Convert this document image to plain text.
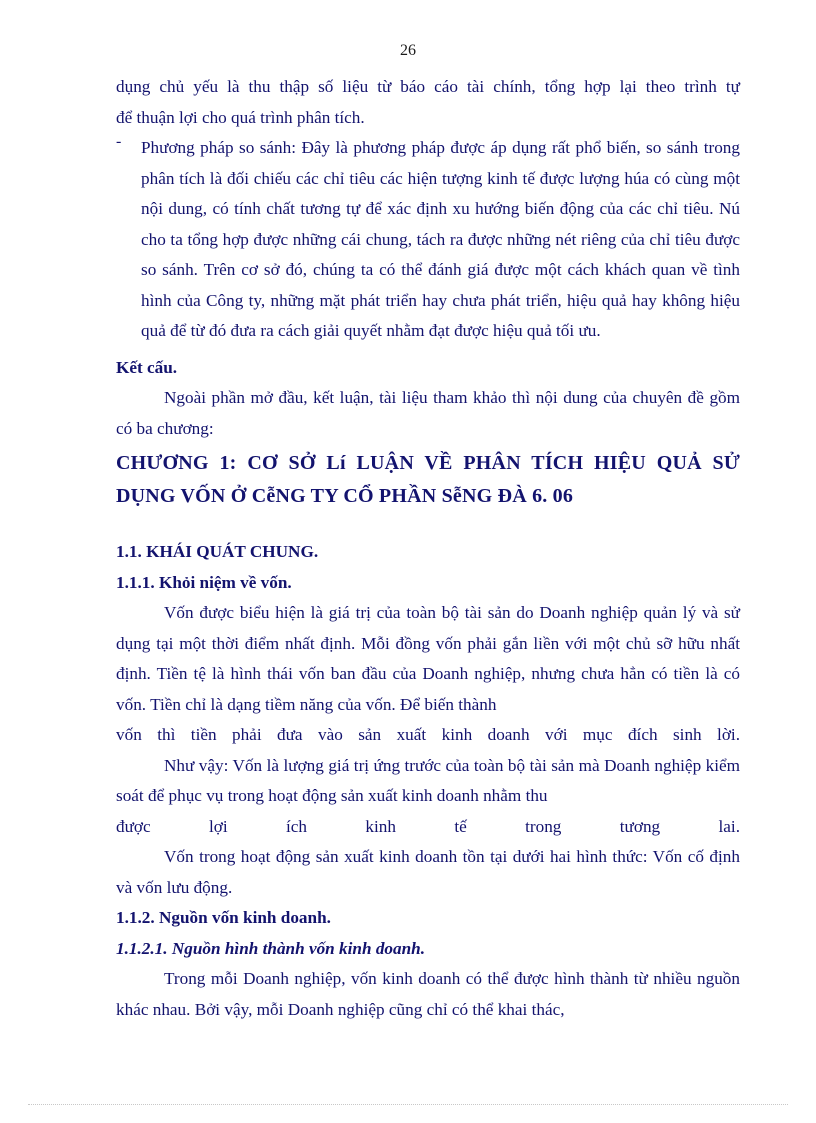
26

dụng chủ yếu là thu thập số liệu từ báo cáo tài chính, tổng hợp lại theo trình tự

để thuận lợi cho quá trình phân tích.

- Phương pháp so sánh: Đây là phương pháp được áp dụng rất phổ biến, so sánh trong phân tích là đối chiếu các chỉ tiêu các hiện tượng kinh tế được lượng húa có cùng một nội dung, có tính chất tương tự để xác định xu hướng biến động của các chỉ tiêu. Nú cho ta tổng hợp được những cái chung, tách ra được những nét riêng của chỉ tiêu được so sánh. Trên cơ sở đó, chúng ta có thể đánh giá được một cách khách quan về tình hình của Công ty, những mặt phát triển hay chưa phát triển, hiệu quả hay không hiệu quả để từ đó đưa ra cách giải quyết nhằm đạt được hiệu quả tối ưu.

Kết cấu.

Ngoài phần mở đầu, kết luận, tài liệu tham khảo thì nội dung của chuyên đề gồm có ba chương:

CHƯƠNG 1: CƠ SỞ Lí LUẬN VỀ PHÂN TÍCH HIỆU QUẢ SỬ DỤNG VỐN Ở CễNG TY CỔ PHẦN SễNG ĐÀ 6. 06

1.1. KHÁI QUÁT CHUNG.

1.1.1. Khỏi niệm về vốn.

Vốn được biểu hiện là giá trị của toàn bộ tài sản do Doanh nghiệp quản lý và sử dụng tại một thời điểm nhất định. Mỗi đồng vốn phải gắn liền với một chủ sỡ hữu nhất định. Tiền tệ là hình thái vốn ban đầu của Doanh nghiệp, nhưng chưa hẳn có tiền là có vốn. Tiền chỉ là dạng tiềm năng của vốn. Để biến thành

vốn thì tiền phải đưa vào sản xuất kinh doanh với mục đích sinh lời.

Như vậy: Vốn là lượng giá trị ứng trước của toàn bộ tài sản mà Doanh nghiệp kiểm soát để phục vụ trong hoạt động sản xuất kinh doanh nhằm thu

được lợi ích kinh tế trong tương lai.

Vốn trong hoạt động sản xuất kinh doanh tồn tại dưới hai hình thức: Vốn cố định và vốn lưu động.

1.1.2. Nguồn vốn kinh doanh.

1.1.2.1. Nguồn hình thành vốn kinh doanh.

Trong mỗi Doanh nghiệp, vốn kinh doanh có thể được hình thành từ nhiều nguồn khác nhau. Bởi vậy, mỗi Doanh nghiệp cũng chỉ có thể khai thác,
